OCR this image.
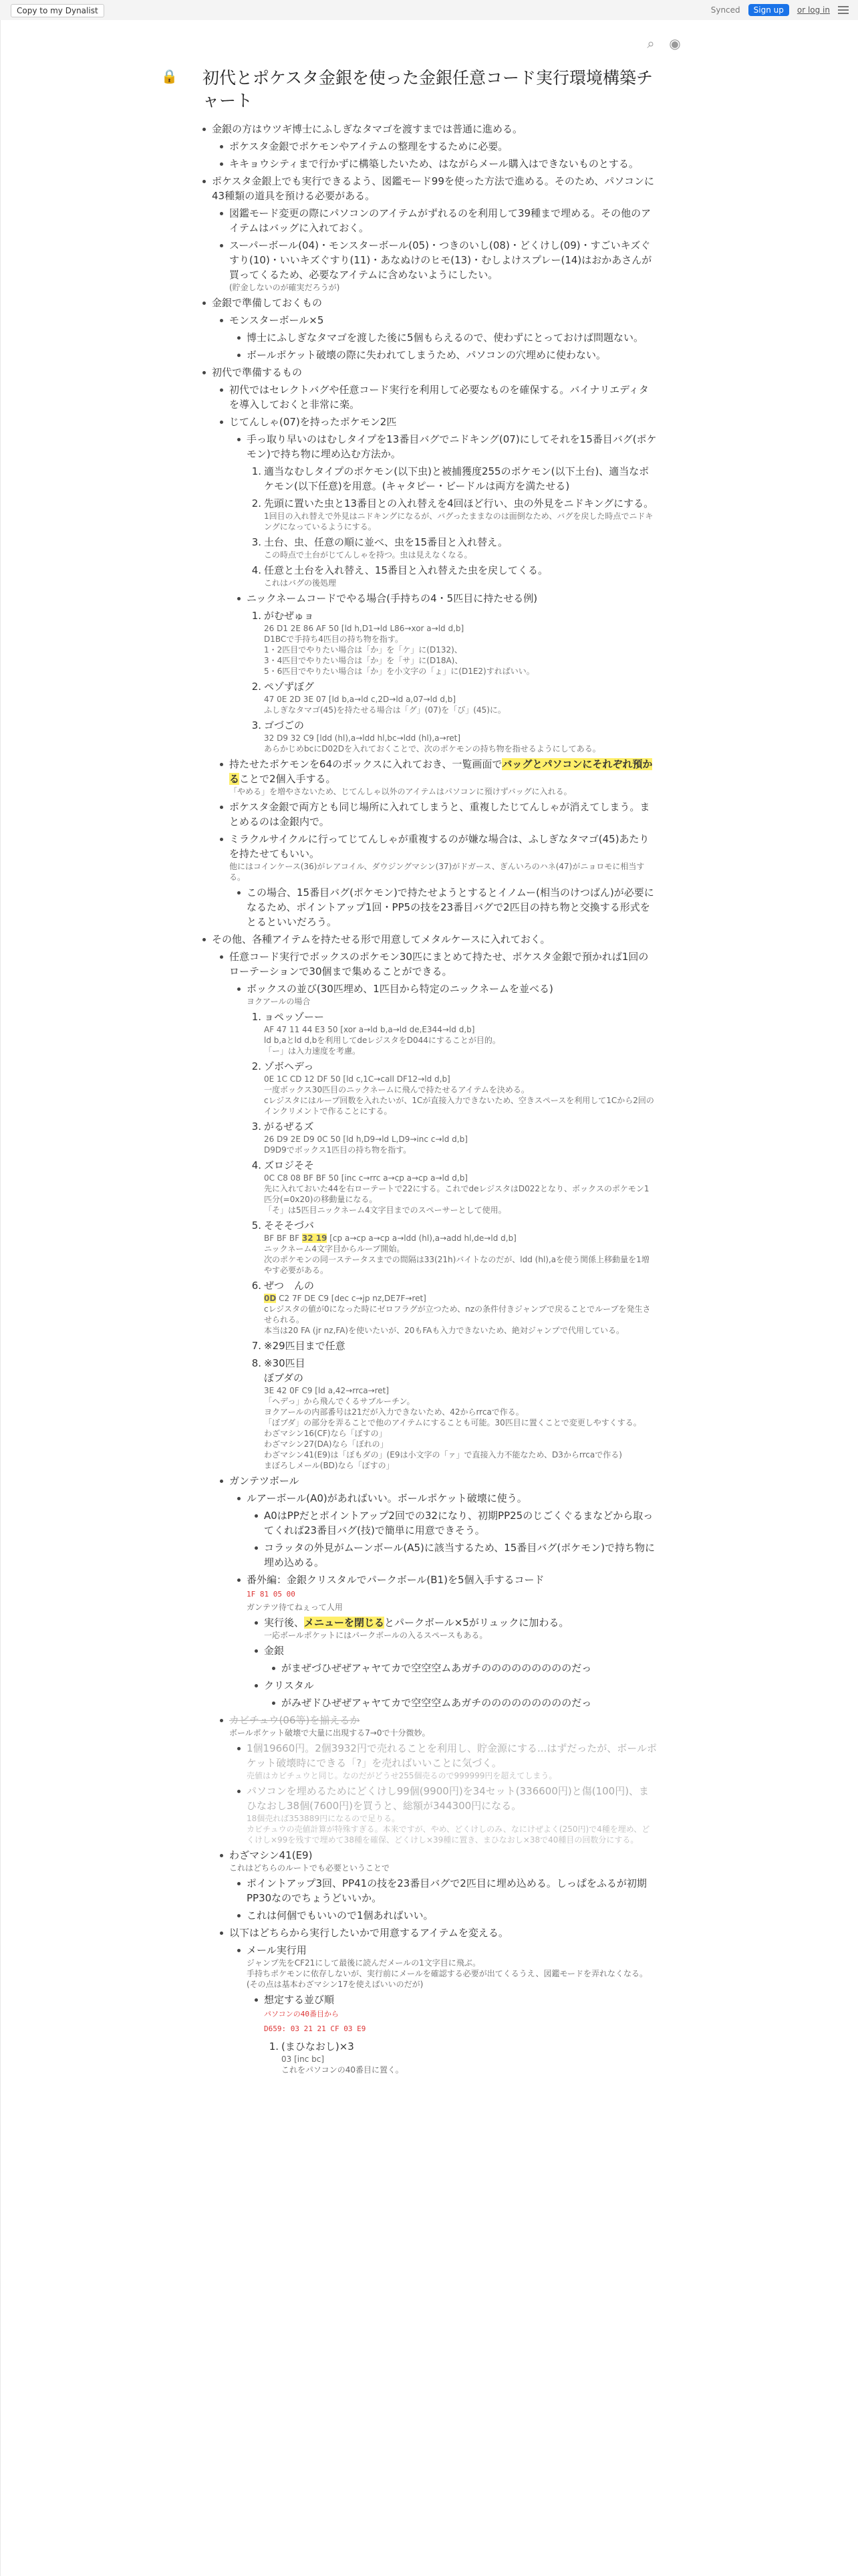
Copy to my Dynalist	Synced	Sign up	or log in
⌕ ◉
🔒 初代とポケスタ金銀を使った金銀任意コード実行環境構築チャート
金銀の方はウツギ博士にふしぎなタマゴを渡すまでは普通に進める。
ポケスタ金銀でポケモンやアイテムの整理をするために必要。
キキョウシティまで行かずに構築したいため、はながらメール購入はできないものとする。
ポケスタ金銀上でも実行できるよう、図鑑モード99を使った方法で進める。そのため、パソコンに43種類の道具を預ける必要がある。
図鑑モード変更の際にパソコンのアイテムがずれるのを利用して39種まで埋める。その他のアイテムはバッグに入れておく。
スーパーボール(04)・モンスターボール(05)・つきのいし(08)・どくけし(09)・すごいキズぐすり(10)・いいキズぐすり(11)・あなぬけのヒモ(13)・むしよけスプレー(14)はおかあさんが買ってくるため、必要なアイテムに含めないようにしたい。
(貯金しないのが確実だろうが)
金銀で準備しておくもの
モンスターボール×5
博士にふしぎなタマゴを渡した後に5個もらえるので、使わずにとっておけば問題ない。
ボールポケット破壊の際に失われてしまうため、パソコンの穴埋めに使わない。
初代で準備するもの
初代ではセレクトバグや任意コード実行を利用して必要なものを確保する。バイナリエディタを導入しておくと非常に楽。
じてんしゃ(07)を持ったポケモン2匹
手っ取り早いのはむしタイプを13番目バグでニドキング(07)にしてそれを15番目バグ(ポケモン)で持ち物に埋め込む方法か。
1. 適当なむしタイプのポケモン(以下虫)と被捕獲度255のポケモン(以下土台)、適当なポケモン(以下任意)を用意。(キャタピー・ビードルは両方を満たせる)
2. 先頭に置いた虫と13番目との入れ替えを4回ほど行い、虫の外見をニドキングにする。
1回目の入れ替えで外見はニドキングになるが、バグったままなのは面倒なため、バグを戻した時点でニドキングになっているようにする。
3. 土台、虫、任意の順に並べ、虫を15番目と入れ替え。
この時点で土台がじてんしゃを持つ。虫は見えなくなる。
4. 任意と土台を入れ替え、15番目と入れ替えた虫を戻してくる。
これはバグの後処理
ニックネームコードでやる場合(手持ちの4・5匹目に持たせる例)
1. がむぜゅョ
26 D1 2E 86 AF 50 [ld h,D1→ld L86→xor a→ld d,b]
D1BCで手持ち4匹目の持ち物を指す。
1・2匹目でやりたい場合は「か」を「ケ」に(D132)、
3・4匹目でやりたい場合は「か」を「サ」に(D18A)、
5・6匹目でやりたい場合は「か」を小文字の「ょ」に(D1E2)すればいい。
2. ペゾずぼグ
47 0E 2D 3E 07 [ld b,a→ld c,2D→ld a,07→ld d,b]
ふしぎなタマゴ(45)を持たせる場合は「グ」(07)を「び」(45)に。
3. ゴづごの
32 D9 32 C9 [ldd (hl),a→ldd hl,bc→ldd (hl),a→ret]
あらかじめbcにD02Dを入れておくことで、次のポケモンの持ち物を指せるようにしてある。
持たせたポケモンを64のボックスに入れておき、一覧画面でバッグとパソコンにそれぞれ預かることで2個入手する。
「やめる」を増やさないため、じてんしゃ以外のアイテムはパソコンに預けずバッグに入れる。
ポケスタ金銀で両方とも同じ場所に入れてしまうと、重複したじてんしゃが消えてしまう。まとめるのは金銀内で。
ミラクルサイクルに行ってじてんしゃが重複するのが嫌な場合は、ふしぎなタマゴ(45)あたりを持たせてもいい。
他にはコインケース(36)がレアコイル、ダウジングマシン(37)がドガース、ぎんいろのハネ(47)がニョロモに相当する。
この場合、15番目バグ(ポケモン)で持たせようとするとイノムー(相当のけつばん)が必要になるため、ポイントアップ1回・PP5の技を23番目バグで2匹目の持ち物と交換する形式をとるといいだろう。
その他、各種アイテムを持たせる形で用意してメタルケースに入れておく。
任意コード実行でボックスのポケモン30匹にまとめて持たせ、ポケスタ金銀で預かれば1回のローテーションで30個まで集めることができる。
ボックスの並び(30匹埋め、1匹目から特定のニックネームを並べる)
ヨクアールの場合
1. ョペッゾーー
AF 47 11 44 E3 50 [xor a→ld b,a→ld de,E344→ld d,b]
ld b,aとld d,bを利用してdeレジスタをD044にすることが目的。
「ー」は入力速度を考慮。
2. ゾボヘデっ
0E 1C CD 12 DF 50 [ld c,1C→call DF12→ld d,b]
一度ボックス30匹目のニックネームに飛んで持たせるアイテムを決める。
cレジスタにはループ回数を入れたいが、1Cが直接入力できないため、空きスペースを利用して1Cから2回のインクリメントで作ることにする。
3. がるぜるズ
26 D9 2E D9 0C 50 [ld h,D9→ld L,D9→inc c→ld d,b]
D9D9でボックス1匹目の持ち物を指す。
4. ズロジそそ
0C C8 08 BF BF 50 [inc c→rrc a→cp a→cp a→ld d,b]
先に入れておいた44を右ローテートで22にする。これでdeレジスタはD022となり、ボックスのポケモン1匹分(=0x20)の移動量になる。
「そ」は5匹目ニックネーム4文字目までのスペーサーとして使用。
5. そそそづバ
BF BF BF 32 19 [cp a→cp a→cp a→ldd (hl),a→add hl,de→ld d,b]
ニックネーム4文字目からループ開始。
次のポケモンの同一ステータスまでの間隔は33(21h)バイトなのだが、ldd (hl),aを使う関係上移動量を1増やす必要がある。
6. ぜつ　んの
0D C2 7F DE C9 [dec c→jp nz,DE7F→ret]
cレジスタの値が0になった時にゼロフラグが立つため、nzの条件付きジャンプで戻ることでループを発生させられる。
本当は20 FA (jr nz,FA)を使いたいが、20もFAも入力できないため、絶対ジャンプで代用している。
7. ※29匹目まで任意
8. ※30匹目
ぼブダの
3E 42 0F C9 [ld a,42→rrca→ret]
「ヘデっ」から飛んでくるサブルーチン。
ヨクアールの内部番号は21だが入力できないため、42からrrcaで作る。
「ぼブダ」の部分を弄ることで他のアイテムにすることも可能。30匹目に置くことで変更しやすくする。
わざマシン16(CF)なら「ぼすの」
わざマシン27(DA)なら「ぼれの」
わざマシン41(E9)は「ぼもダの」(E9は小文字の「ァ」で直接入力不能なため、D3からrrcaで作る)
まぼろしメール(BD)なら「ぼすの」
ガンテツボール
ルアーボール(A0)があればいい。ボールポケット破壊に使う。
A0はPPだとポイントアップ2回での32になり、初期PP25のじごくぐるまなどから取ってくれば23番目バグ(技)で簡単に用意できそう。
コラッタの外見がムーンボール(A5)に該当するため、15番目バグ(ポケモン)で持ち物に埋め込める。
番外編：金銀クリスタルでパークボール(B1)を5個入手するコード
1F 81 05 00
ガンテツ待てねぇって人用
実行後、メニューを閉じるとパークボール×5がリュックに加わる。
一応ボールポケットにはパークボールの入るスペースもある。
金銀
がまぜづひぜぜアャヤてカで空空空ムあガチのののののののののだっ
クリスタル
がみぜドひぜぜアャヤてカで空空空ムあガチのののののののののだっ
カビチュウ(06等)を揃えるか
ボールポケット破壊で大量に出現する7→0で十分微妙。
1個19660円。2個3932円で売れることを利用し、貯金源にする...はずだったが、ボールポケット破壊時にできる「?」を売ればいいことに気づく。
売値はカビチュウと同じ。なのだがどうせ255個売るので999999円を超えてしまう。
パソコンを埋めるためにどくけし99個(9900円)を34セット(336600円)と傷(100円)、まひなおし38個(7600円)を買うと、総額が344300円になる。
18個売れば353889円になるので足りる。
カビチュウの売値計算が特殊すぎる。本来ですが、やめ、どくけしのみ、なにけぜよく(250円)で4種を埋め、どくけし×99を残すで埋めて38種を確保、どくけし×39種に置き、まひなおし×38で40種目の回数分にする。
わざマシン41(E9)
これはどちらのルートでも必要ということで
ポイントアップ3回、PP41の技を23番目バグで2匹目に埋め込める。しっぱをふるが初期PP30なのでちょうどいいか。
これは何個でもいいので1個あればいい。
以下はどちらから実行したいかで用意するアイテムを変える。
メール実行用
ジャンプ先をCF21にして最後に読んだメールの1文字目に飛ぶ。
手持ちポケモンに依存しないが、実行前にメールを確認する必要が出てくるうえ、図鑑モードを弄れなくなる。
(その点は基本わざマシン17を使えばいいのだが)
想定する並び順
パソコンの40番目から
D659: 03 21 21 CF 03 E9
1. (まひなおし)×3
03 [inc bc]
これをパソコンの40番目に置く。
